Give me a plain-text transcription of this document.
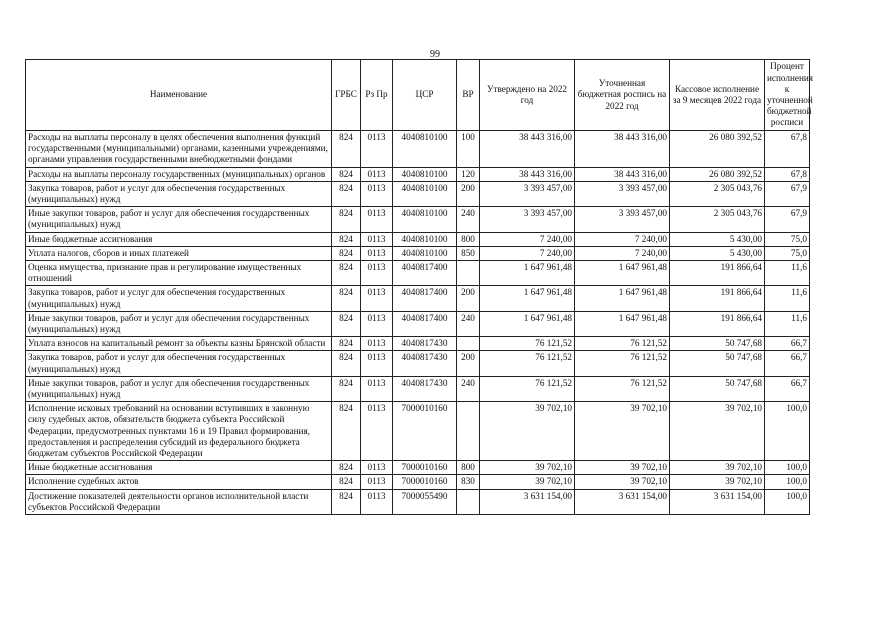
99
Наименование	ГРБС	Рз Пр	ЦСР	ВР	Утверждено на 2022 год	Уточненная бюджетная роспись на 2022 год	Кассовое исполнение за 9 месяцев 2022 года	Процент исполнения к уточненной бюджетной росписи
Расходы на выплаты персоналу в целях обеспечения выполнения функций государственными (муниципальными) органами, казенными учреждениями, органами управления государственными внебюджетными фондами	824	0113	4040810100	100	38 443 316,00	38 443 316,00	26 080 392,52	67,8
Расходы на выплаты персоналу государственных (муниципальных) органов	824	0113	4040810100	120	38 443 316,00	38 443 316,00	26 080 392,52	67,8
Закупка товаров, работ и услуг для обеспечения государственных (муниципальных) нужд	824	0113	4040810100	200	3 393 457,00	3 393 457,00	2 305 043,76	67,9
Иные закупки товаров, работ и услуг для обеспечения государственных (муниципальных) нужд	824	0113	4040810100	240	3 393 457,00	3 393 457,00	2 305 043,76	67,9
Иные бюджетные ассигнования	824	0113	4040810100	800	7 240,00	7 240,00	5 430,00	75,0
Уплата налогов, сборов и иных платежей	824	0113	4040810100	850	7 240,00	7 240,00	5 430,00	75,0
Оценка имущества, признание прав и регулирование имущественных отношений	824	0113	4040817400		1 647 961,48	1 647 961,48	191 866,64	11,6
Закупка товаров, работ и услуг для обеспечения государственных (муниципальных) нужд	824	0113	4040817400	200	1 647 961,48	1 647 961,48	191 866,64	11,6
Иные закупки товаров, работ и услуг для обеспечения государственных (муниципальных) нужд	824	0113	4040817400	240	1 647 961,48	1 647 961,48	191 866,64	11,6
Уплата взносов на капитальный ремонт за объекты казны Брянской области	824	0113	4040817430		76 121,52	76 121,52	50 747,68	66,7
Закупка товаров, работ и услуг для обеспечения государственных (муниципальных) нужд	824	0113	4040817430	200	76 121,52	76 121,52	50 747,68	66,7
Иные закупки товаров, работ и услуг для обеспечения государственных (муниципальных) нужд	824	0113	4040817430	240	76 121,52	76 121,52	50 747,68	66,7
Исполнение исковых требований на основании вступивших в законную силу судебных актов, обязательств бюджета субъекта Российской Федерации, предусмотренных пунктами 16 и 19 Правил формирования, предоставления и распределения субсидий из федерального бюджета бюджетам субъектов Российской Федерации	824	0113	7000010160		39 702,10	39 702,10	39 702,10	100,0
Иные бюджетные ассигнования	824	0113	7000010160	800	39 702,10	39 702,10	39 702,10	100,0
Исполнение судебных актов	824	0113	7000010160	830	39 702,10	39 702,10	39 702,10	100,0
Достижение показателей деятельности органов исполнительной власти субъектов Российской Федерации	824	0113	7000055490		3 631 154,00	3 631 154,00	3 631 154,00	100,0
